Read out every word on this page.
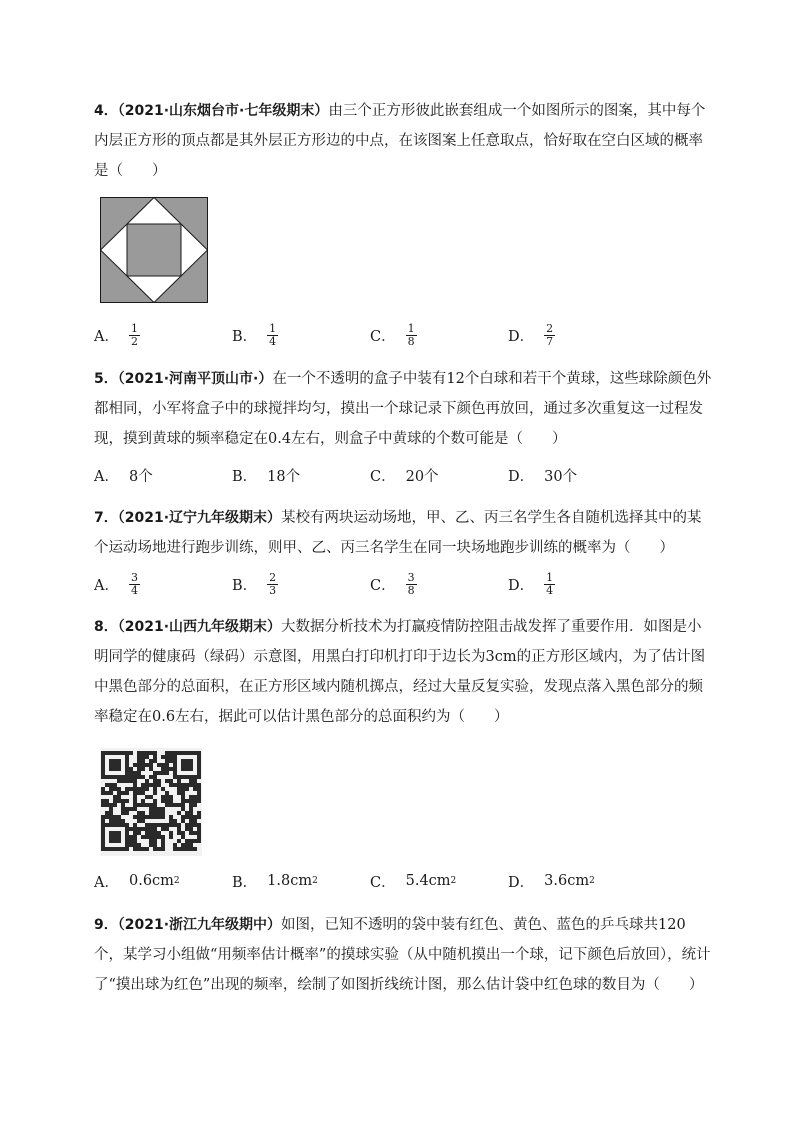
4．（2021·山东烟台市·七年级期末）由三个正方形彼此嵌套组成一个如图所示的图案，其中每个内层正方形的顶点都是其外层正方形边的中点，在该图案上任意取点，恰好取在空白区域的概率是（　　）
A． $\frac{1}{2}$	B． $\frac{1}{4}$	C． $\frac{1}{8}$	D． $\frac{2}{7}$
5．（2021·河南平顶山市·）在一个不透明的盒子中装有12个白球和若干个黄球，这些球除颜色外都相同，小军将盒子中的球搅拌均匀，摸出一个球记录下颜色再放回，通过多次重复这一过程发现，摸到黄球的频率稳定在0.4左右，则盒子中黄球的个数可能是（　　）
A． 8个	B． 18个	C． 20个	D． 30个
7．（2021·辽宁九年级期末）某校有两块运动场地，甲、乙、丙三名学生各自随机选择其中的某个运动场地进行跑步训练，则甲、乙、丙三名学生在同一块场地跑步训练的概率为（　　）
A． $\frac{3}{4}$	B． $\frac{2}{3}$	C． $\frac{3}{8}$	D． $\frac{1}{4}$
8．（2021·山西九年级期末）大数据分析技术为打赢疫情防控阻击战发挥了重要作用．如图是小明同学的健康码（绿码）示意图，用黑白打印机打印于边长为3cm的正方形区域内，为了估计图中黑色部分的总面积，在正方形区域内随机掷点，经过大量反复实验，发现点落入黑色部分的频率稳定在0.6左右，据此可以估计黑色部分的总面积约为（　　）
A． 0.6cm 2	B． 1.8cm 2	C． 5.4cm 2	D． 3.6cm 2
9．（2021·浙江九年级期中）如图，已知不透明的袋中装有红色、黄色、蓝色的乒乓球共120个，某学习小组做“用频率估计概率”的摸球实验（从中随机摸出一个球，记下颜色后放回），统计了“摸出球为红色”出现的频率，绘制了如图折线统计图，那么估计袋中红色球的数目为（　　）
